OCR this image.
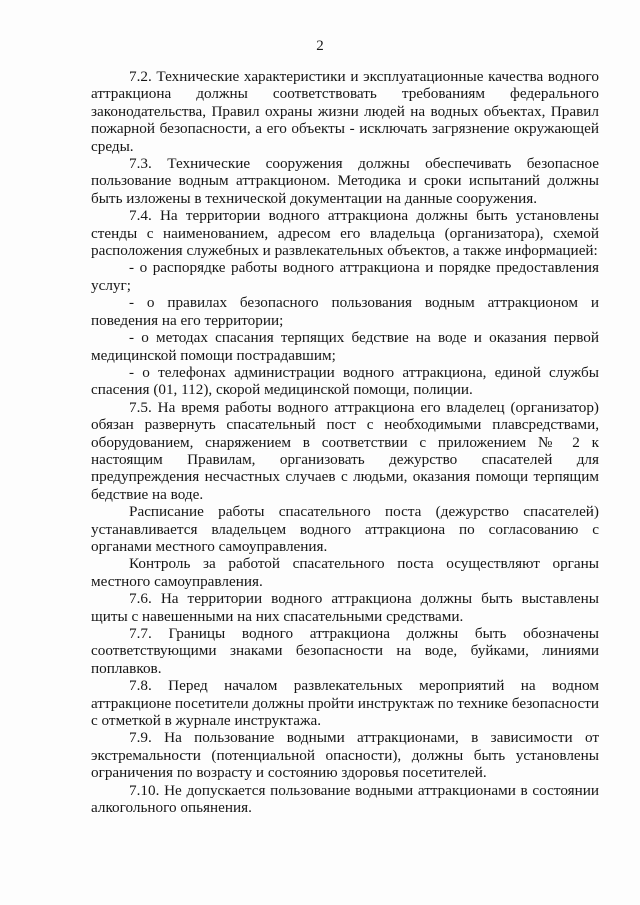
2

7.2. Технические характеристики и эксплуатационные качества водного аттракциона должны соответствовать требованиям федерального законодательства, Правил охраны жизни людей на водных объектах, Правил пожарной безопасности, а его объекты - исключать загрязнение окружающей среды.

7.3. Технические сооружения должны обеспечивать безопасное пользование водным аттракционом. Методика и сроки испытаний должны быть изложены в технической документации на данные сооружения.

7.4. На территории водного аттракциона должны быть установлены стенды с наименованием, адресом его владельца (организатора), схемой расположения служебных и развлекательных объектов, а также информацией:

- о распорядке работы водного аттракциона и порядке предоставления услуг;

- о правилах безопасного пользования водным аттракционом и поведения на его территории;

- о методах спасания терпящих бедствие на воде и оказания первой медицинской помощи пострадавшим;

- о телефонах администрации водного аттракциона, единой службы спасения (01, 112), скорой медицинской помощи, полиции.

7.5. На время работы водного аттракциона его владелец (организатор) обязан развернуть спасательный пост с необходимыми плавсредствами, оборудованием, снаряжением в соответствии с приложением № 2 к настоящим Правилам, организовать дежурство спасателей для предупреждения несчастных случаев с людьми, оказания помощи терпящим бедствие на воде.

Расписание работы спасательного поста (дежурство спасателей) устанавливается владельцем водного аттракциона по согласованию с органами местного самоуправления.

Контроль за работой спасательного поста осуществляют органы местного самоуправления.

7.6. На территории водного аттракциона должны быть выставлены щиты с навешенными на них спасательными средствами.

7.7. Границы водного аттракциона должны быть обозначены соответствующими знаками безопасности на воде, буйками, линиями поплавков.

7.8. Перед началом развлекательных мероприятий на водном аттракционе посетители должны пройти инструктаж по технике безопасности с отметкой в журнале инструктажа.

7.9. На пользование водными аттракционами, в зависимости от экстремальности (потенциальной опасности), должны быть установлены ограничения по возрасту и состоянию здоровья посетителей.

7.10. Не допускается пользование водными аттракционами в состоянии алкогольного опьянения.
